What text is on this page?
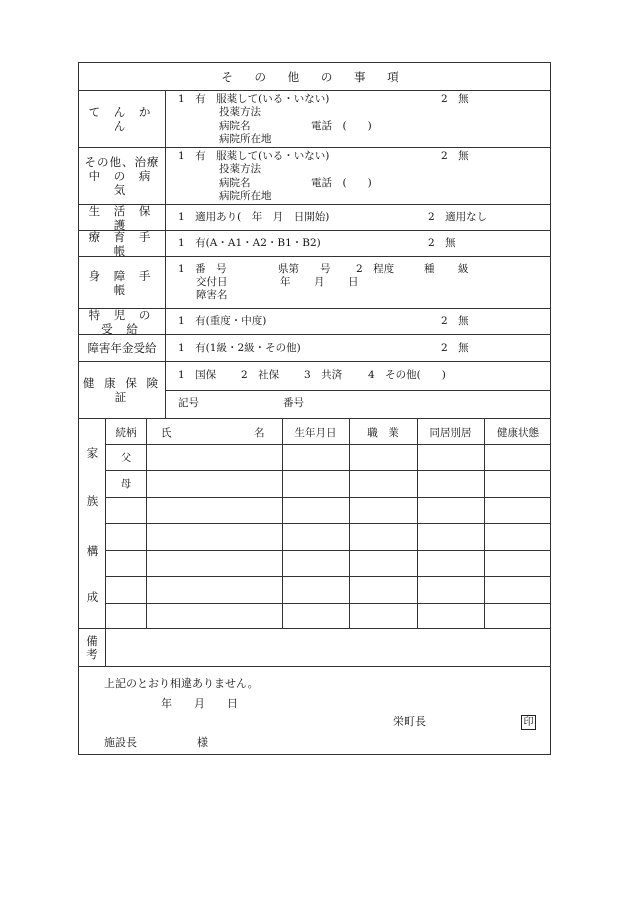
そ の 他 の 事 項
て ん か ん
1　有　服薬して(いる・いない)	2　無
投薬方法
病院名	電話　(　　)
病院所在地
その他、治療
中 の 病 気
1　有　服薬して(いる・いない)	2　無
投薬方法
病院名	電話　(　　)
病院所在地
生 活 保 護
1　適用あり(　年　月　日開始)	2　適用なし
療 育 手 帳
1　有(A・A1・A2・B1・B2)	2　無
身 障 手 帳
1　番　号	県第　　号 2　程度	種 級
交付日	年 月 日
障害名
特 児 の 受 給
1　有(重度・中度)	2　無
障害年金受給	1　有(1級・2級・その他)	2　無
健 康 保 険 証
1　国保 2　社保 3　共済 4　その他(　　)
記号	番号
家
族
構
成
続柄	氏	名	生年月日	職　業	同居別居	健康状態
父
母
備
考
上記のとおり相違ありません。
年　　月　　日
栄町長	印
施設長	様
